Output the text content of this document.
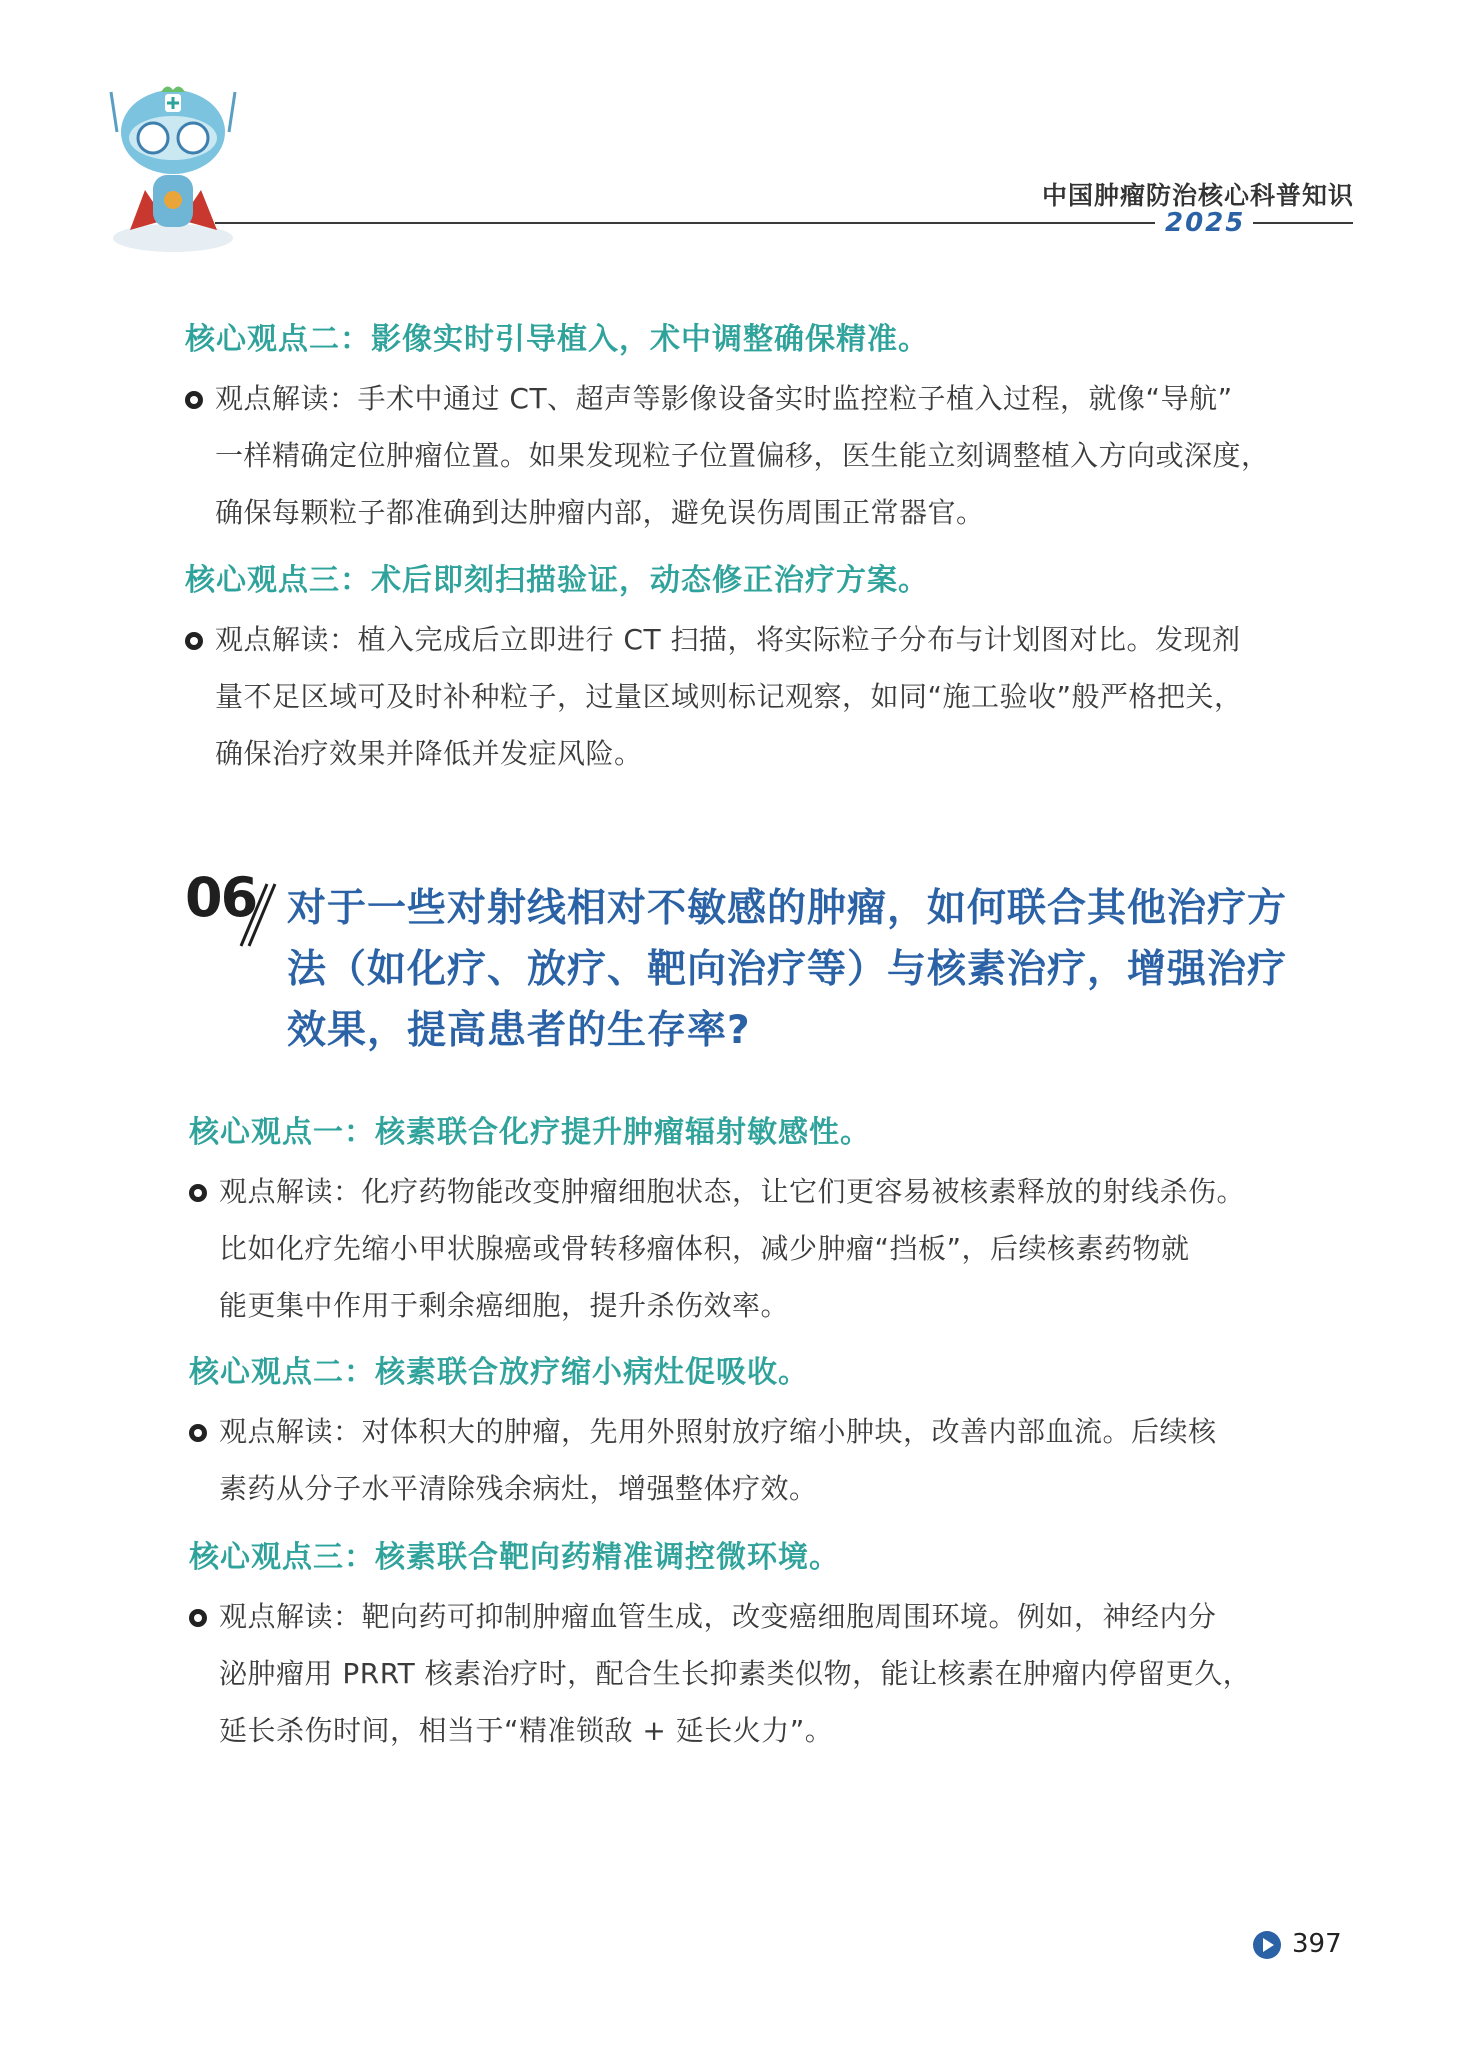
中国肿瘤防治核心科普知识
2025
核心观点二：影像实时引导植入，术中调整确保精准。
观点解读：手术中通过 CT、超声等影像设备实时监控粒子植入过程，就像“导航”
一样精确定位肿瘤位置。如果发现粒子位置偏移，医生能立刻调整植入方向或深度，
确保每颗粒子都准确到达肿瘤内部，避免误伤周围正常器官。
核心观点三：术后即刻扫描验证，动态修正治疗方案。
观点解读：植入完成后立即进行 CT 扫描，将实际粒子分布与计划图对比。发现剂
量不足区域可及时补种粒子，过量区域则标记观察，如同“施工验收”般严格把关，
确保治疗效果并降低并发症风险。
06 对于一些对射线相对不敏感的肿瘤，如何联合其他治疗方
法（如化疗、放疗、靶向治疗等）与核素治疗，增强治疗
效果，提高患者的生存率?
核心观点一：核素联合化疗提升肿瘤辐射敏感性。
观点解读：化疗药物能改变肿瘤细胞状态，让它们更容易被核素释放的射线杀伤。
比如化疗先缩小甲状腺癌或骨转移瘤体积，减少肿瘤“挡板”，后续核素药物就
能更集中作用于剩余癌细胞，提升杀伤效率。
核心观点二：核素联合放疗缩小病灶促吸收。
观点解读：对体积大的肿瘤，先用外照射放疗缩小肿块，改善内部血流。后续核
素药从分子水平清除残余病灶，增强整体疗效。
核心观点三：核素联合靶向药精准调控微环境。
观点解读：靶向药可抑制肿瘤血管生成，改变癌细胞周围环境。例如，神经内分
泌肿瘤用 PRRT 核素治疗时，配合生长抑素类似物，能让核素在肿瘤内停留更久，
延长杀伤时间，相当于“精准锁敌 + 延长火力”。
397
